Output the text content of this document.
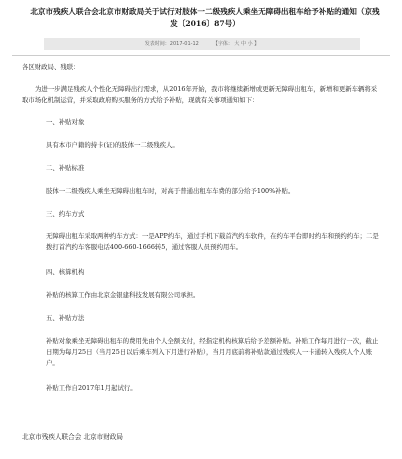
北京市残疾人联合会北京市财政局关于试行对肢体一二级残疾人乘坐无障碍出租车给予补贴的通知（京残发〔2016〕87号）
发表时间：2017-01-12	【字体： 大 中 小 】
各区财政局、残联：
为进一步满足残疾人个性化无障碍出行需求，从2016年开始，我市将继续新增或更新无障碍出租车，新增和更新车辆将采取市场化机制运营，并采取政府购买服务的方式给予补贴，现就有关事项通知如下：
一、补贴对象
具有本市户籍的持卡(证)的肢体一二级残疾人。
二、补贴标准
肢体一二级残疾人乘坐无障碍出租车时，对高于普通出租车车费的部分给予100%补贴。
三、约车方式
无障碍出租车采取两种约车方式：一是APP约车，通过手机下载首汽约车软件，在约车平台即时约车和预约约车；二是拨打首汽约车客服电话400-660-1666转5，通过客服人员预约用车。
四、核算机构
补贴的核算工作由北京金银建科技发展有限公司承担。
五、补贴方法
补贴对象乘坐无障碍出租车的费用先由个人全额支付，经指定机构核算后给予差额补贴。补贴工作每月进行一次，截止日期为每月25日（当月25日以后乘车列入下月进行补贴），当月月底前将补贴款通过残疾人一卡通转入残疾人个人账户。
补贴工作自2017年1月起试行。
北京市残疾人联合会 北京市财政局
